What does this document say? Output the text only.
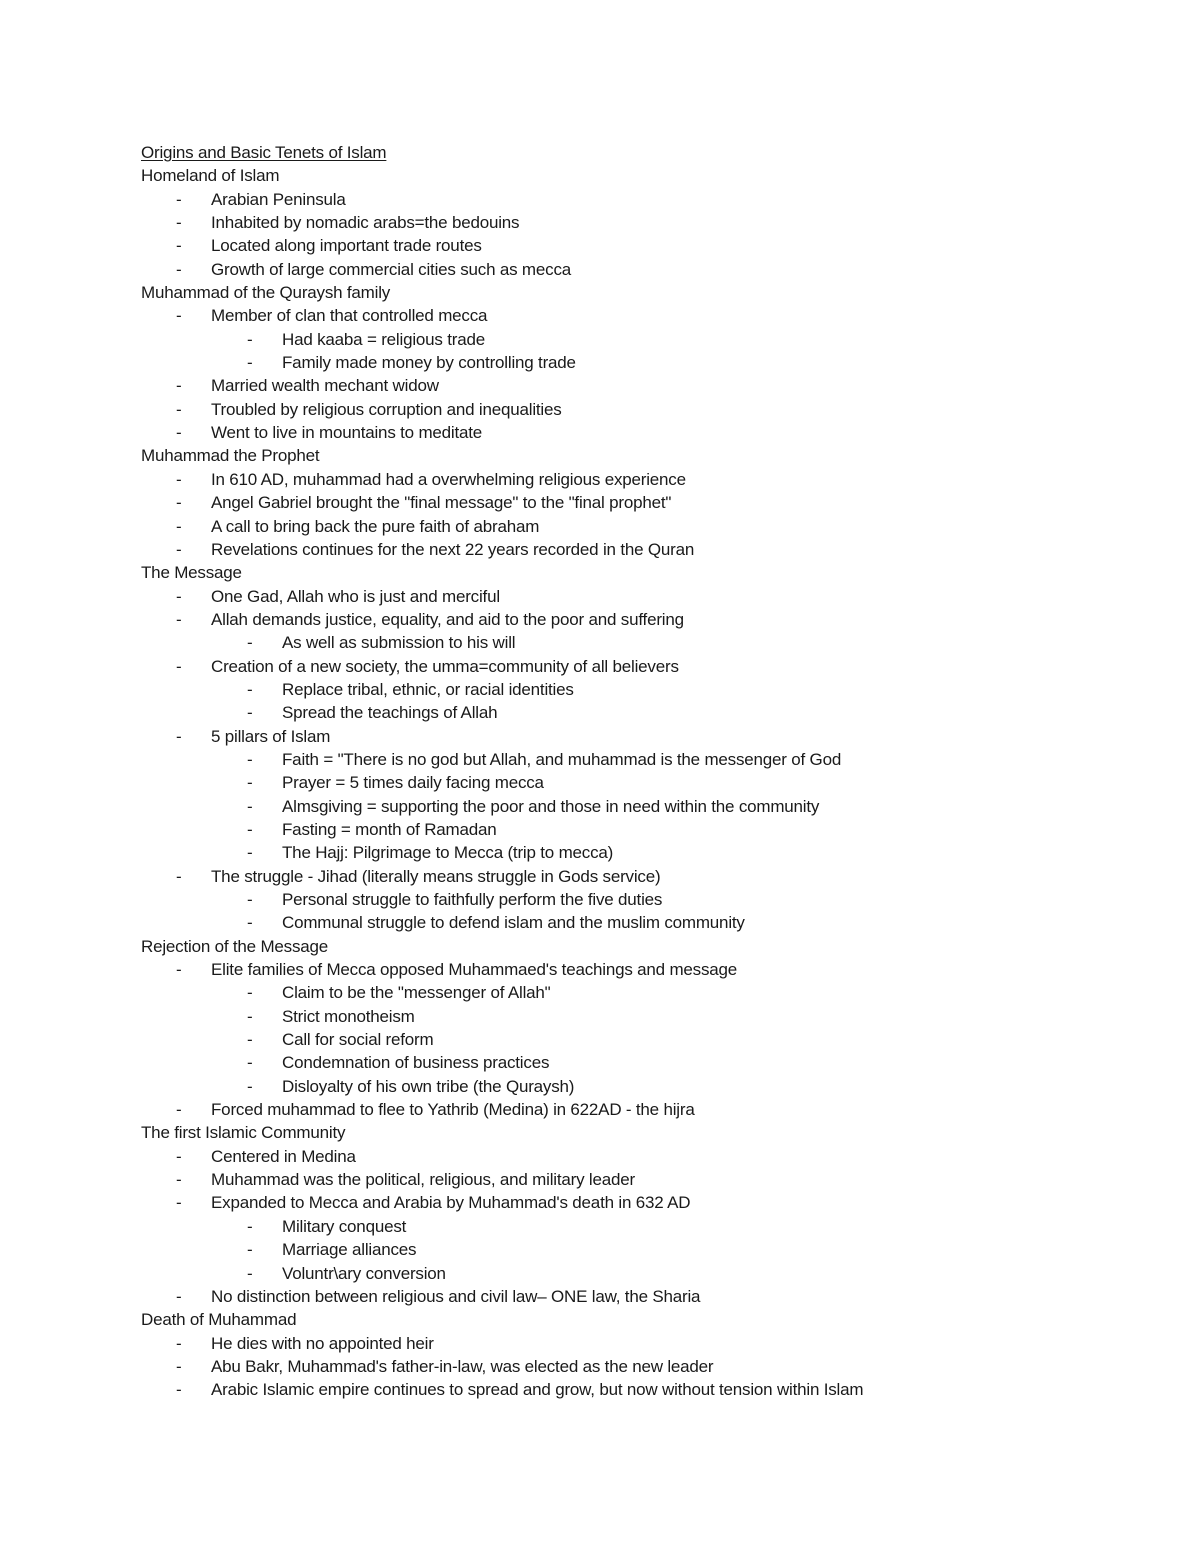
Origins and Basic Tenets of Islam
Homeland of Islam
- Arabian Peninsula
- Inhabited by nomadic arabs=the bedouins
- Located along important trade routes
- Growth of large commercial cities such as mecca
Muhammad of the Quraysh family
- Member of clan that controlled mecca
- Had kaaba = religious trade
- Family made money by controlling trade
- Married wealth mechant widow
- Troubled by religious corruption and inequalities
- Went to live in mountains to meditate
Muhammad the Prophet
- In 610 AD, muhammad had a overwhelming religious experience
- Angel Gabriel brought the "final message" to the "final prophet"
- A call to bring back the pure faith of abraham
- Revelations continues for the next 22 years recorded in the Quran
The Message
- One Gad, Allah who is just and merciful
- Allah demands justice, equality, and aid to the poor and suffering
- As well as submission to his will
- Creation of a new society, the umma=community of all believers
- Replace tribal, ethnic, or racial identities
- Spread the teachings of Allah
- 5 pillars of Islam
- Faith = "There is no god but Allah, and muhammad is the messenger of God
- Prayer = 5 times daily facing mecca
- Almsgiving = supporting the poor and those in need within the community
- Fasting = month of Ramadan
- The Hajj: Pilgrimage to Mecca (trip to mecca)
- The struggle - Jihad (literally means struggle in Gods service)
- Personal struggle to faithfully perform the five duties
- Communal struggle to defend islam and the muslim community
Rejection of the Message
- Elite families of Mecca opposed Muhammaed's teachings and message
- Claim to be the "messenger of Allah"
- Strict monotheism
- Call for social reform
- Condemnation of business practices
- Disloyalty of his own tribe (the Quraysh)
- Forced muhammad to flee to Yathrib (Medina) in 622AD - the hijra
The first Islamic Community
- Centered in Medina
- Muhammad was the political, religious, and military leader
- Expanded to Mecca and Arabia by Muhammad's death in 632 AD
- Military conquest
- Marriage alliances
- Voluntr\ary conversion
- No distinction between religious and civil law– ONE law, the Sharia
Death of Muhammad
- He dies with no appointed heir
- Abu Bakr, Muhammad's father-in-law, was elected as the new leader
- Arabic Islamic empire continues to spread and grow, but now without tension within Islam
